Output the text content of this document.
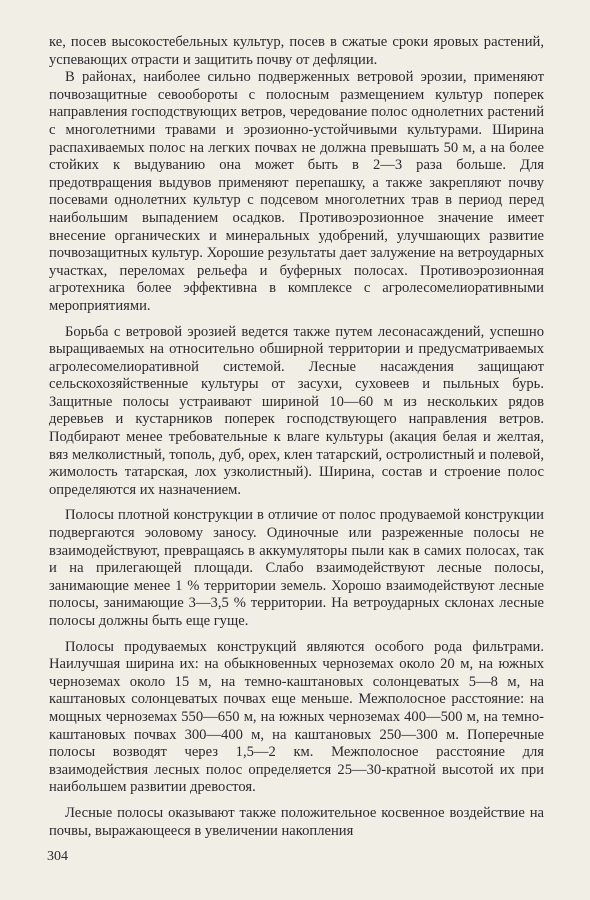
ке, посев высокостебельных культур, посев в сжатые сроки яровых растений, успевающих отрасти и защитить почву от дефляции.

В районах, наиболее сильно подверженных ветровой эрозии, применяют почвозащитные севообороты с полосным размещением культур поперек направления господствующих ветров, чередование полос однолетних растений с многолетними травами и эрозионно-устойчивыми культурами. Ширина распахиваемых полос на легких почвах не должна превышать 50 м, а на более стойких к выдуванию она может быть в 2—3 раза больше. Для предотвращения выдувов применяют перепашку, а также закрепляют почву посевами однолетних культур с подсевом многолетних трав в период перед наибольшим выпадением осадков. Противоэрозионное значение имеет внесение органических и минеральных удобрений, улучшающих развитие почвозащитных культур. Хорошие результаты дает залужение на ветроударных участках, переломах рельефа и буферных полосах. Противоэрозионная агротехника более эффективна в комплексе с агролесомелиоративными мероприятиями.

Борьба с ветровой эрозией ведется также путем лесонасаждений, успешно выращиваемых на относительно обширной территории и предусматриваемых агролесомелиоративной системой. Лесные насаждения защищают сельскохозяйственные культуры от засухи, суховеев и пыльных бурь. Защитные полосы устраивают шириной 10—60 м из нескольких рядов деревьев и кустарников поперек господствующего направления ветров. Подбирают менее требовательные к влаге культуры (акация белая и желтая, вяз мелколистный, тополь, дуб, орех, клен татарский, остролистный и полевой, жимолость татарская, лох узколистный). Ширина, состав и строение полос определяются их назначением.

Полосы плотной конструкции в отличие от полос продуваемой конструкции подвергаются эоловому заносу. Одиночные или разреженные полосы не взаимодействуют, превращаясь в аккумуляторы пыли как в самих полосах, так и на прилегающей площади. Слабо взаимодействуют лесные полосы, занимающие менее 1 % территории земель. Хорошо взаимодействуют лесные полосы, занимающие 3—3,5 % территории. На ветроударных склонах лесные полосы должны быть еще гуще.

Полосы продуваемых конструкций являются особого рода фильтрами. Наилучшая ширина их: на обыкновенных черноземах около 20 м, на южных черноземах около 15 м, на темно-каштановых солонцеватых 5—8 м, на каштановых солонцеватых почвах еще меньше. Межполосное расстояние: на мощных черноземах 550—650 м, на южных черноземах 400—500 м, на темно-каштановых почвах 300—400 м, на каштановых 250—300 м. Поперечные полосы возводят через 1,5—2 км. Межполосное расстояние для взаимодействия лесных полос определяется 25—30-кратной высотой их при наибольшем развитии древостоя.

Лесные полосы оказывают также положительное косвенное воздействие на почвы, выражающееся в увеличении накопления

304
